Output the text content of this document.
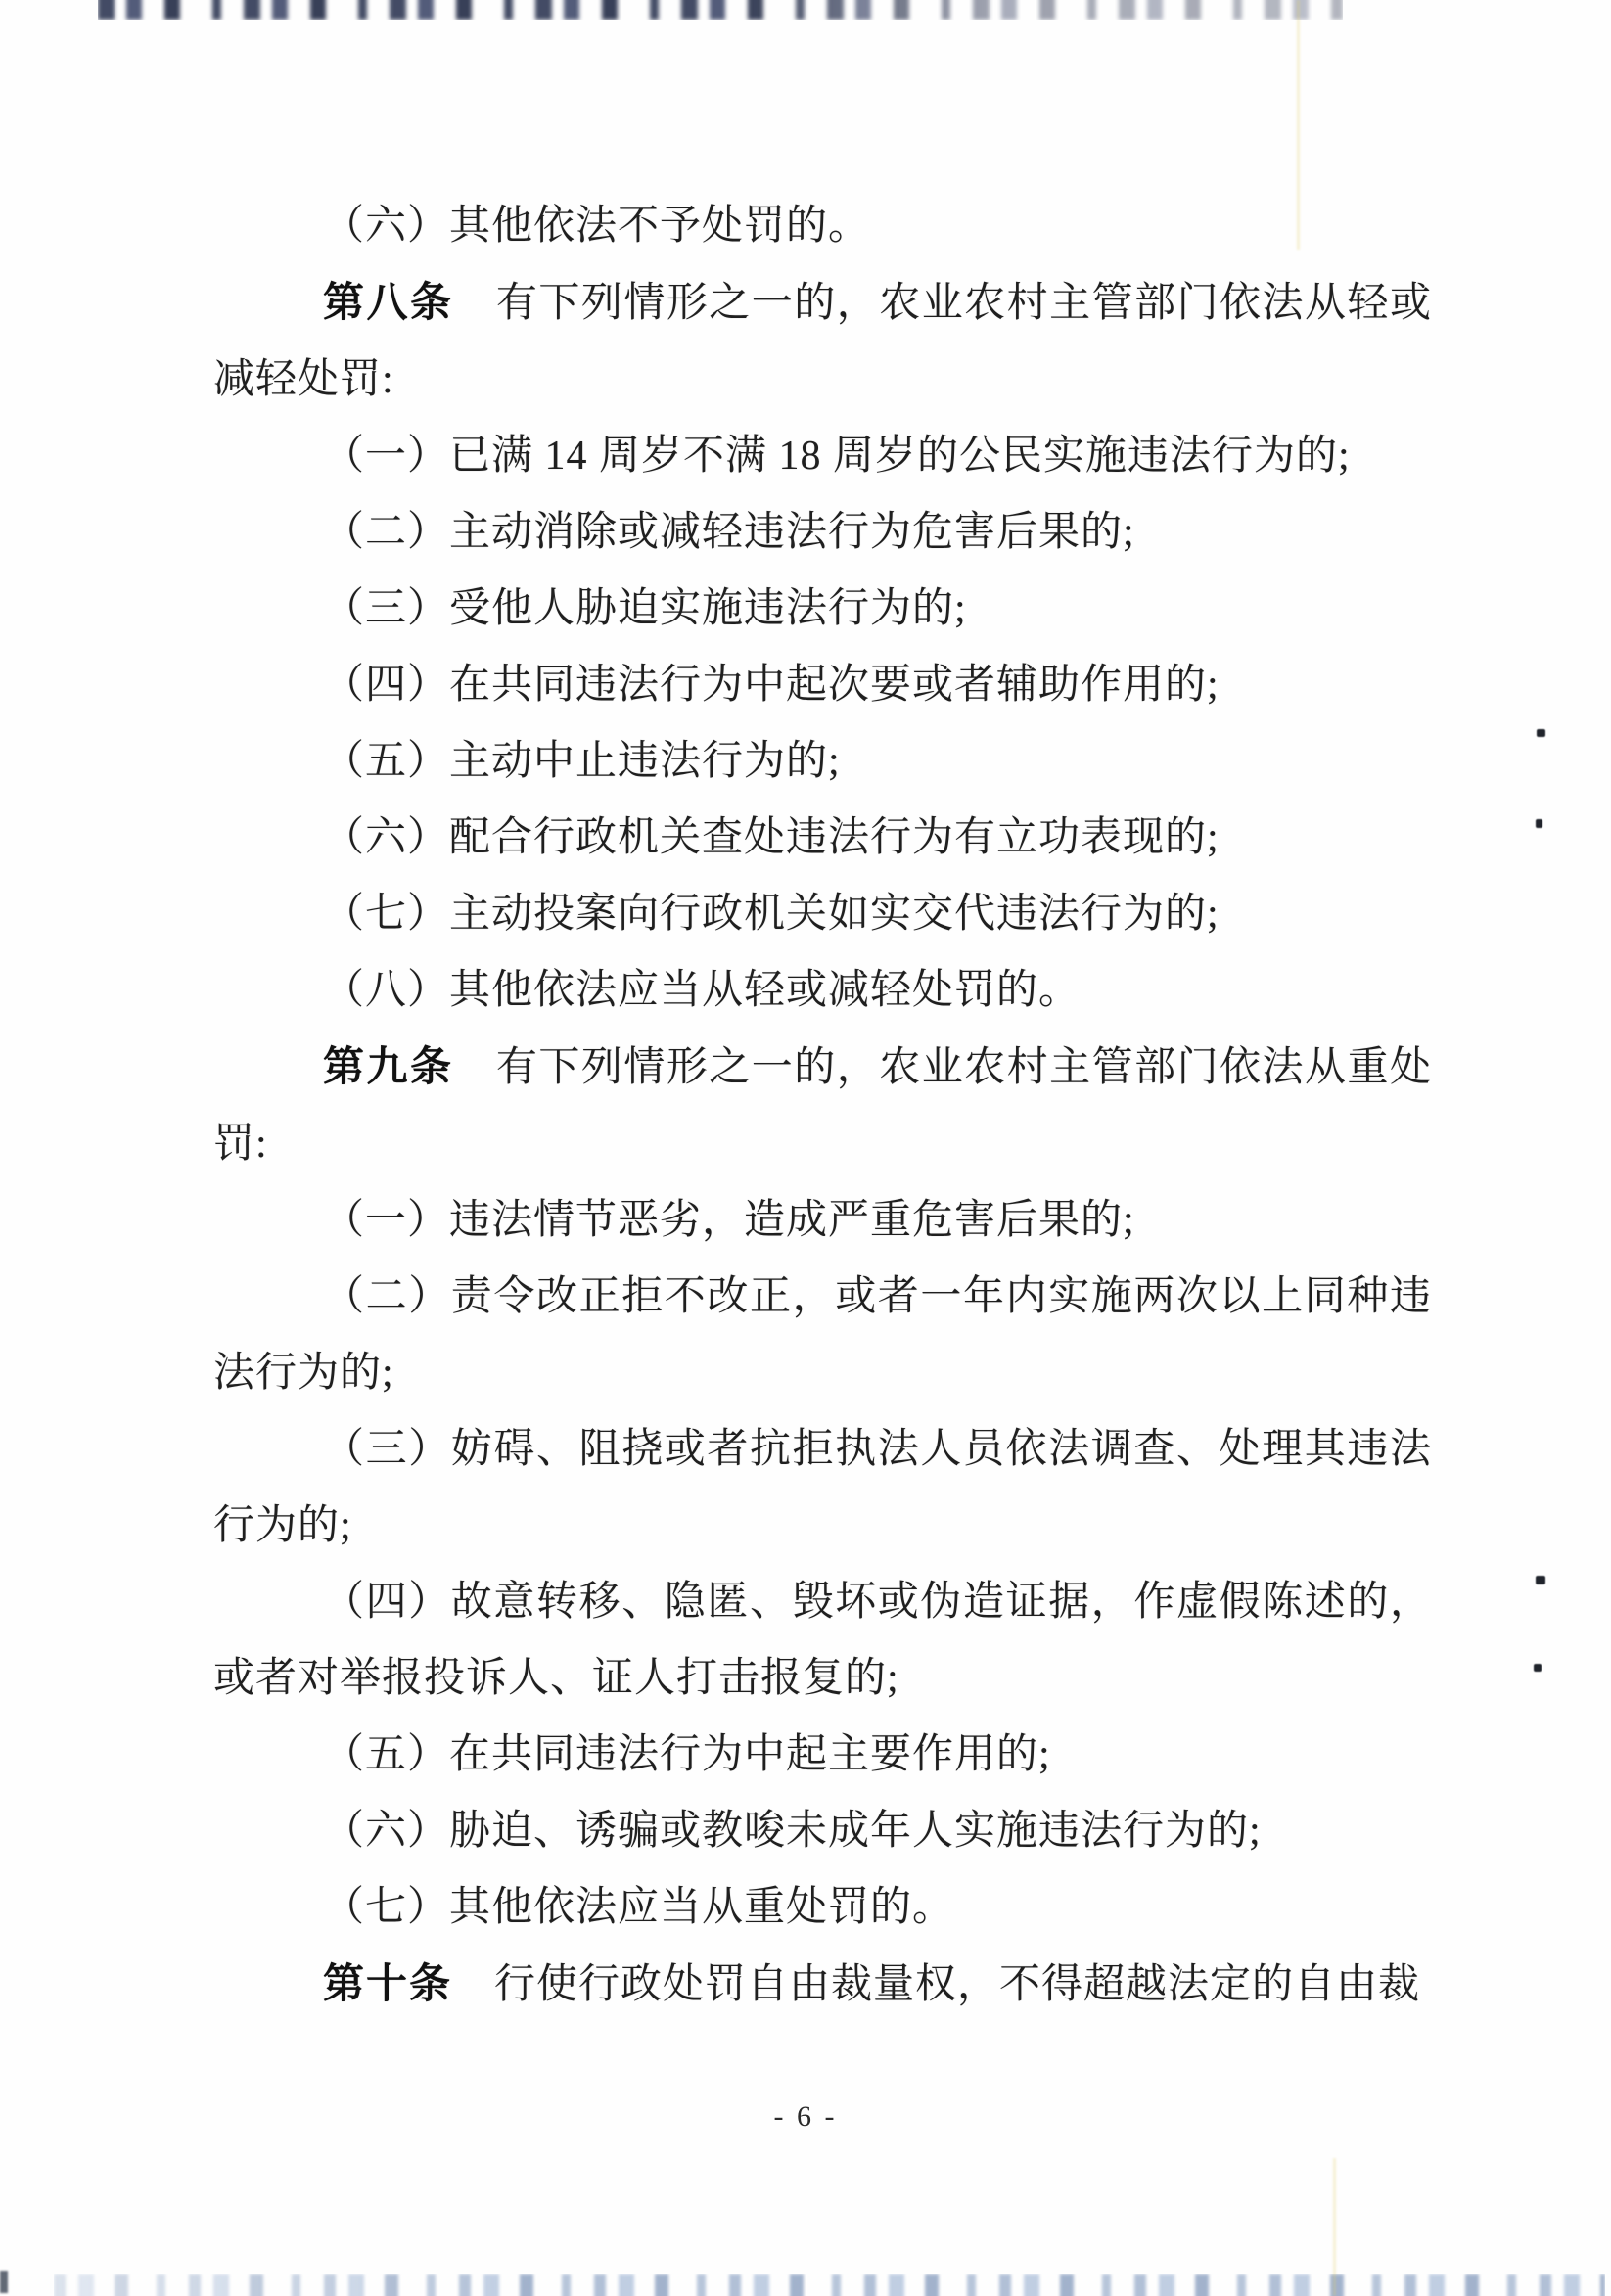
（六）其他依法不予处罚的。

第八条　有下列情形之一的，农业农村主管部门依法从轻或减轻处罚:

（一）已满 14 周岁不满 18 周岁的公民实施违法行为的;

（二）主动消除或减轻违法行为危害后果的;

（三）受他人胁迫实施违法行为的;

（四）在共同违法行为中起次要或者辅助作用的;

（五）主动中止违法行为的;

（六）配合行政机关查处违法行为有立功表现的;

（七）主动投案向行政机关如实交代违法行为的;

（八）其他依法应当从轻或减轻处罚的。

第九条　有下列情形之一的，农业农村主管部门依法从重处罚:

（一）违法情节恶劣，造成严重危害后果的;

（二）责令改正拒不改正，或者一年内实施两次以上同种违法行为的;

（三）妨碍、阻挠或者抗拒执法人员依法调查、处理其违法行为的;

（四）故意转移、隐匿、毁坏或伪造证据，作虚假陈述的，或者对举报投诉人、证人打击报复的;

（五）在共同违法行为中起主要作用的;

（六）胁迫、诱骗或教唆未成年人实施违法行为的;

（七）其他依法应当从重处罚的。

第十条　行使行政处罚自由裁量权，不得超越法定的自由裁

- 6 -
